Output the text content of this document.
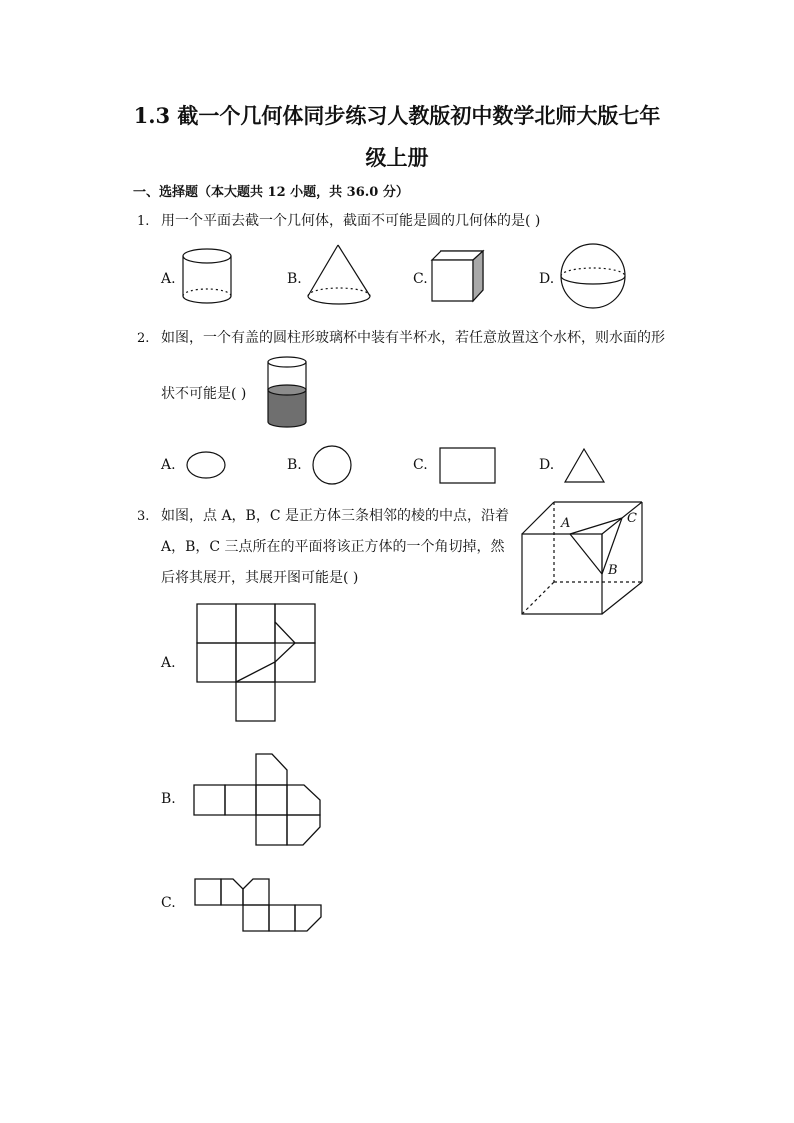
1.3 截一个几何体同步练习人教版初中数学北师大版七年
级上册
一、选择题（本大题共 12 小题，共 36.0 分）
1. 用一个平面去截一个几何体，截面不可能是圆的几何体的是( )
A.	B.	C.	D.
2. 如图，一个有盖的圆柱形玻璃杯中装有半杯水，若任意放置这个水杯，则水面的形
状不可能是( )
A.	B.	C.	D.
3. 如图，点 A，B，C 是正方体三条相邻的棱的中点，沿着
A，B，C 三点所在的平面将该正方体的一个角切掉，然
后将其展开，其展开图可能是( )
A	C
B
A.
B.
C.
